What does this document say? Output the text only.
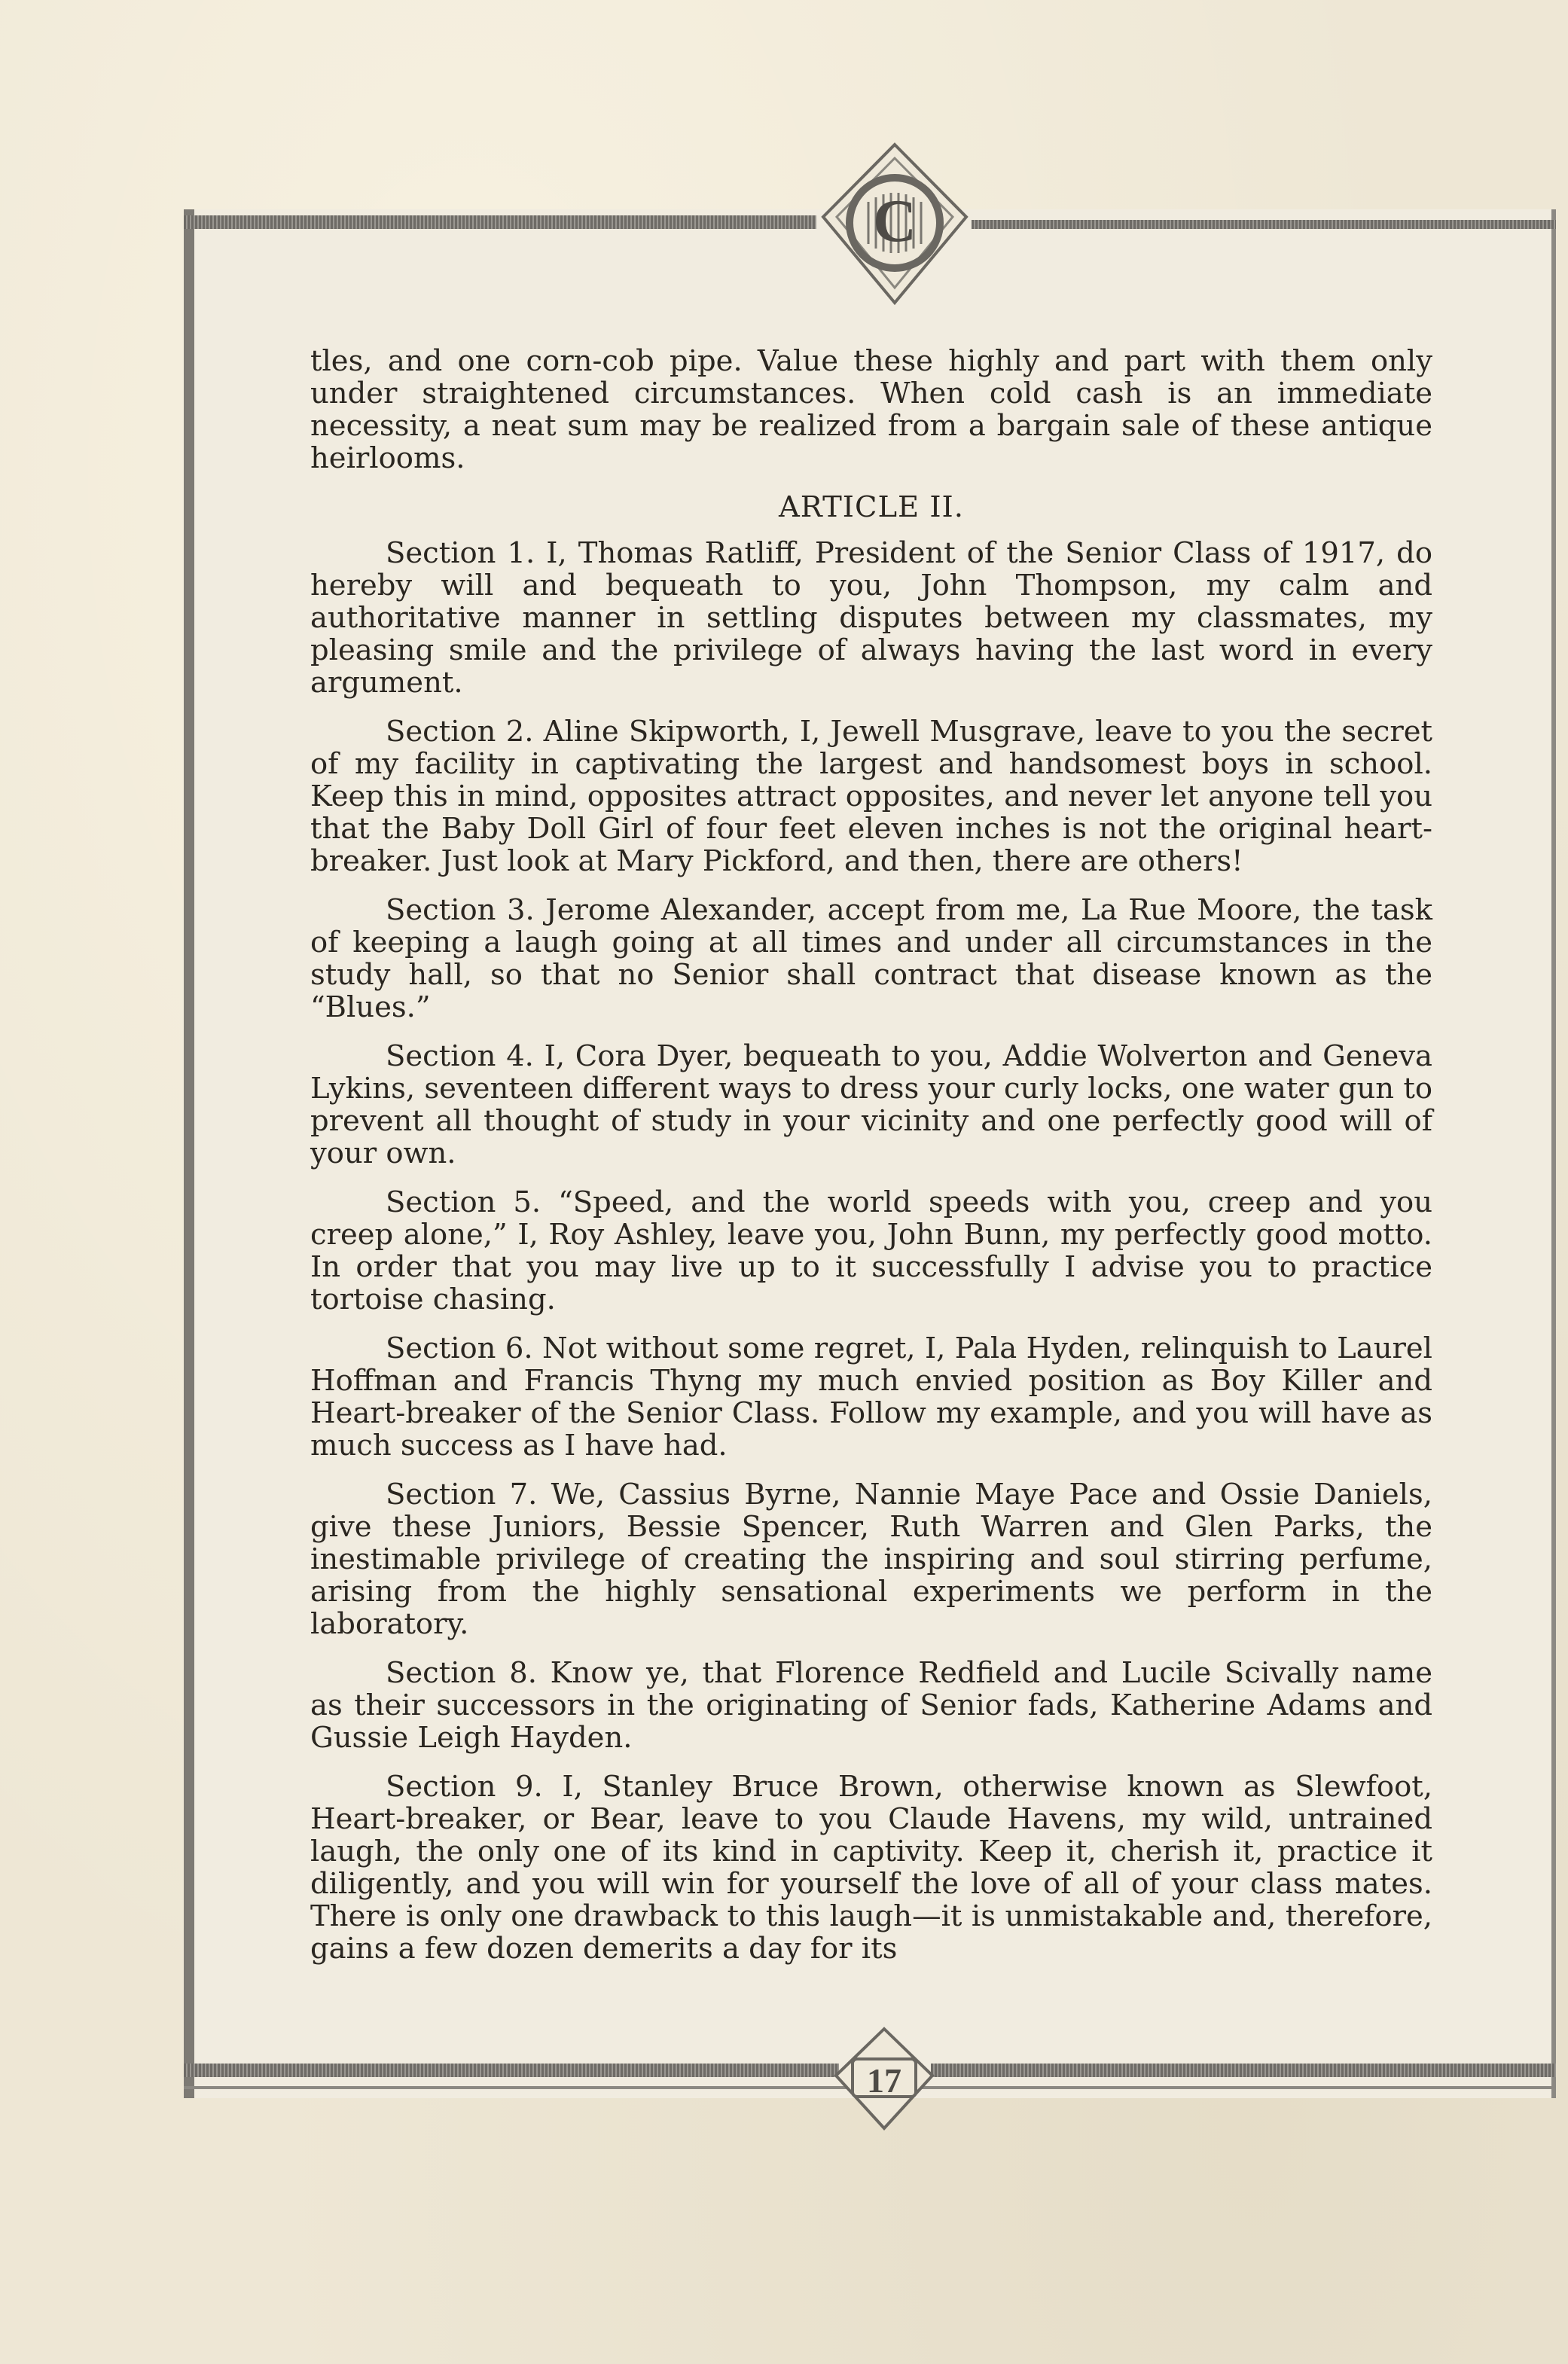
C
17

tles, and one corn-cob pipe. Value these highly and part with them only under straightened circumstances. When cold cash is an immediate necessity, a neat sum may be realized from a bargain sale of these antique heirlooms.

ARTICLE II.

Section 1. I, Thomas Ratliff, President of the Senior Class of 1917, do hereby will and bequeath to you, John Thompson, my calm and authoritative manner in settling disputes between my classmates, my pleasing smile and the privilege of always having the last word in every argument.

Section 2. Aline Skipworth, I, Jewell Musgrave, leave to you the secret of my facility in captivating the largest and handsomest boys in school. Keep this in mind, opposites attract opposites, and never let anyone tell you that the Baby Doll Girl of four feet eleven inches is not the original heart-breaker. Just look at Mary Pickford, and then, there are others!

Section 3. Jerome Alexander, accept from me, La Rue Moore, the task of keeping a laugh going at all times and under all circumstances in the study hall, so that no Senior shall contract that disease known as the “Blues.”

Section 4. I, Cora Dyer, bequeath to you, Addie Wolverton and Geneva Lykins, seventeen different ways to dress your curly locks, one water gun to prevent all thought of study in your vicinity and one perfectly good will of your own.

Section 5. “Speed, and the world speeds with you, creep and you creep alone,” I, Roy Ashley, leave you, John Bunn, my perfectly good motto. In order that you may live up to it successfully I advise you to practice tortoise chasing.

Section 6. Not without some regret, I, Pala Hyden, relinquish to Laurel Hoffman and Francis Thyng my much envied position as Boy Killer and Heart-breaker of the Senior Class. Follow my example, and you will have as much success as I have had.

Section 7. We, Cassius Byrne, Nannie Maye Pace and Ossie Daniels, give these Juniors, Bessie Spencer, Ruth Warren and Glen Parks, the inestimable privilege of creating the inspiring and soul stirring perfume, arising from the highly sensational experiments we perform in the laboratory.

Section 8. Know ye, that Florence Redfield and Lucile Scivally name as their successors in the originating of Senior fads, Katherine Adams and Gussie Leigh Hayden.

Section 9. I, Stanley Bruce Brown, otherwise known as Slewfoot, Heart-breaker, or Bear, leave to you Claude Havens, my wild, untrained laugh, the only one of its kind in captivity. Keep it, cherish it, practice it diligently, and you will win for yourself the love of all of your class mates. There is only one drawback to this laugh—it is unmistakable and, therefore, gains a few dozen demerits a day for its
